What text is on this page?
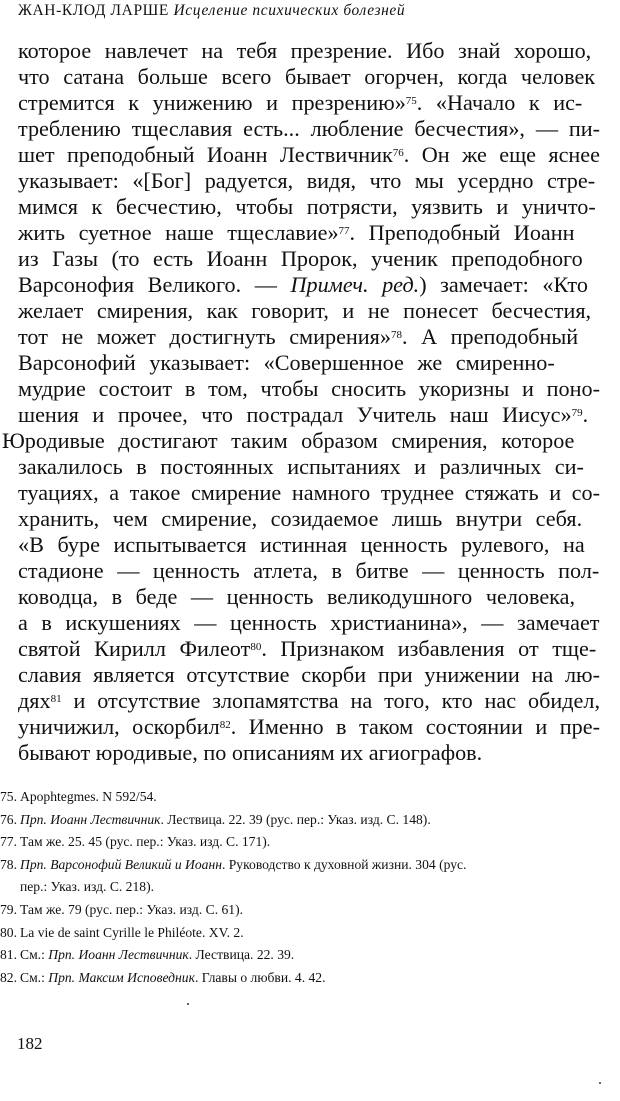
ЖАН-КЛОД ЛАРШЕ Исцеление психических болезней
которое навлечет на тебя презрение. Ибо знай хорошо,
что сатана больше всего бывает огорчен, когда человек
стремится к унижению и презрению»$^{75}$. «Начало к ис-
треблению тщеславия есть... любление бесчестия», — пи-
шет преподобный Иоанн Лествичник$^{76}$. Он же еще яснее
указывает: «[Бог] радуется, видя, что мы усердно стре-
мимся к бесчестию, чтобы потрясти, уязвить и уничто-
жить суетное наше тщеславие»$^{77}$. Преподобный Иоанн
из Газы (то есть Иоанн Пророк, ученик преподобного
Варсонофия Великого. — Примеч. ред.) замечает: «Кто
желает смирения, как говорит, и не понесет бесчестия,
тот не может достигнуть смирения»$^{78}$. А преподобный
Варсонофий указывает: «Совершенное же смиренно-
мудрие состоит в том, чтобы сносить укоризны и поно-
шения и прочее, что пострадал Учитель наш Иисус»$^{79}$.
Юродивые достигают таким образом смирения, которое
закалилось в постоянных испытаниях и различных си-
туациях, а такое смирение намного труднее стяжать и со-
хранить, чем смирение, созидаемое лишь внутри себя.
«В буре испытывается истинная ценность рулевого, на
стадионе — ценность атлета, в битве — ценность пол-
ководца, в беде — ценность великодушного человека,
а в искушениях — ценность христианина», — замечает
святой Кирилл Филеот$^{80}$. Признаком избавления от тще-
славия является отсутствие скорби при унижении на лю-
дях$^{81}$ и отсутствие злопамятства на того, кто нас обидел,
уничижил, оскорбил$^{82}$. Именно в таком состоянии и пре-
бывают юродивые, по описаниям их агиографов.
75. Apophtegmes. N 592/54.
76. Прп. Иоанн Лествичник. Лествица. 22. 39 (рус. пер.: Указ. изд. С. 148).
77. Там же. 25. 45 (рус. пер.: Указ. изд. С. 171).
78. Прп. Варсонофий Великий и Иоанн. Руководство к духовной жизни. 304 (рус.
пер.: Указ. изд. С. 218).
79. Там же. 79 (рус. пер.: Указ. изд. С. 61).
80. La vie de saint Cyrille le Philéote. XV. 2.
81. См.: Прп. Иоанн Лествичник. Лествица. 22. 39.
82. См.: Прп. Максим Исповедник. Главы о любви. 4. 42.
182
